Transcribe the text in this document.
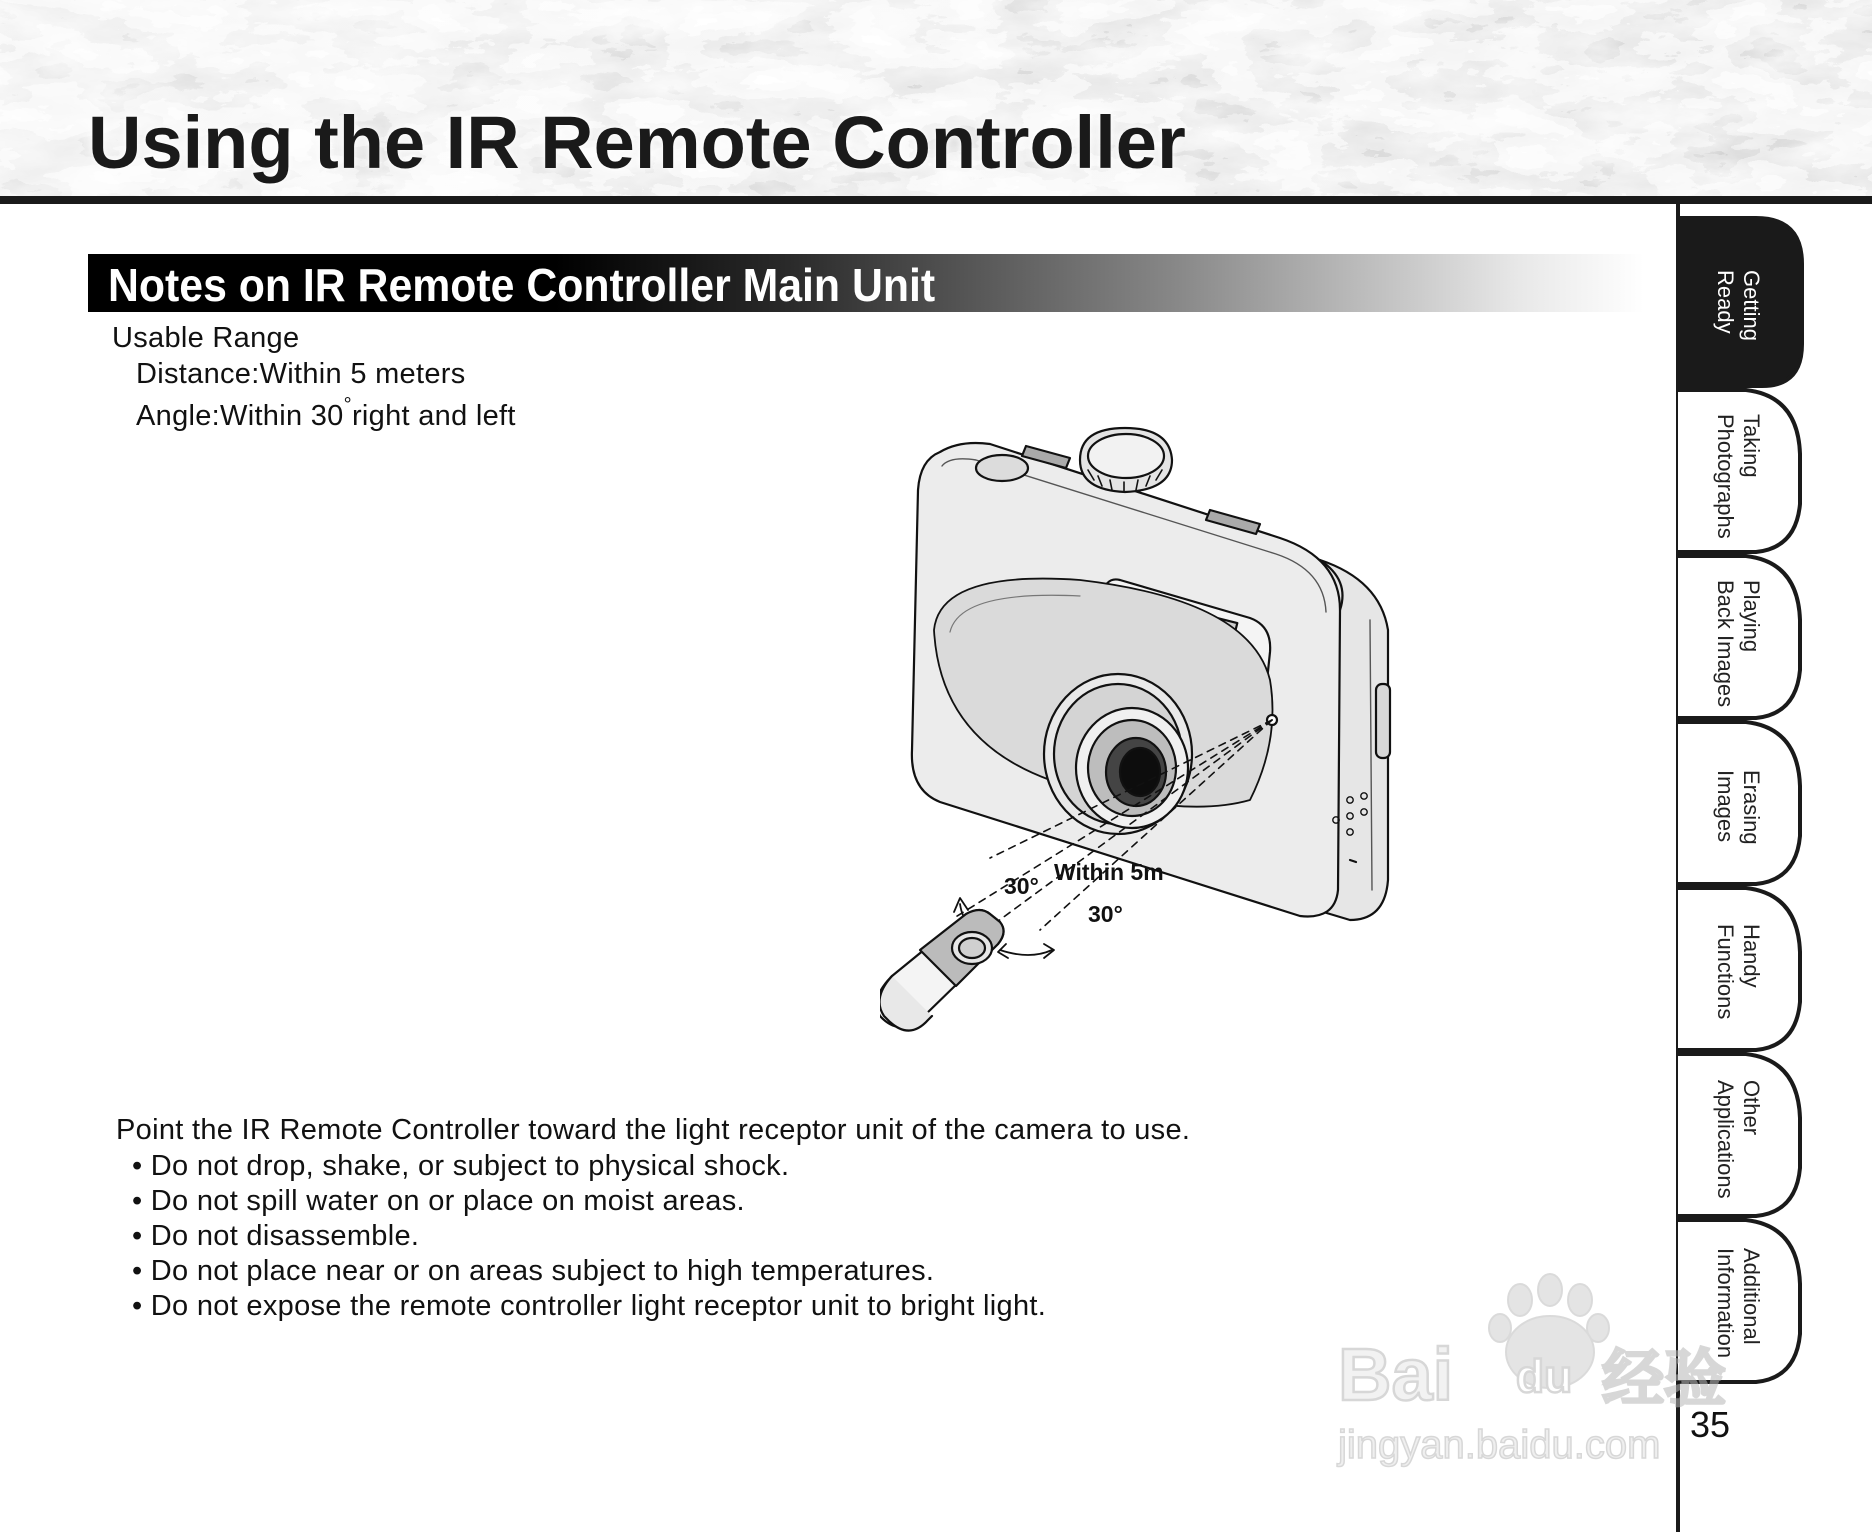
Using the IR Remote Controller
Notes on IR Remote Controller Main Unit
Usable Range
Distance:Within 5 meters
Angle:Within 30°right and left
Within 5m
30°
30°
Point the IR Remote Controller toward the light receptor unit of the camera to use.
• Do not drop, shake, or subject to physical shock.
• Do not spill water on or place on moist areas.
• Do not disassemble.
• Do not place near or on areas subject to high temperatures.
• Do not expose the remote controller light receptor unit to bright light.
Getting
Ready
Taking
Photographs
Playing
Back Images
Erasing
Images
Handy
Functions
Other
Applications
Additional
Information
35
Bai du 经验
jingyan.baidu.com
